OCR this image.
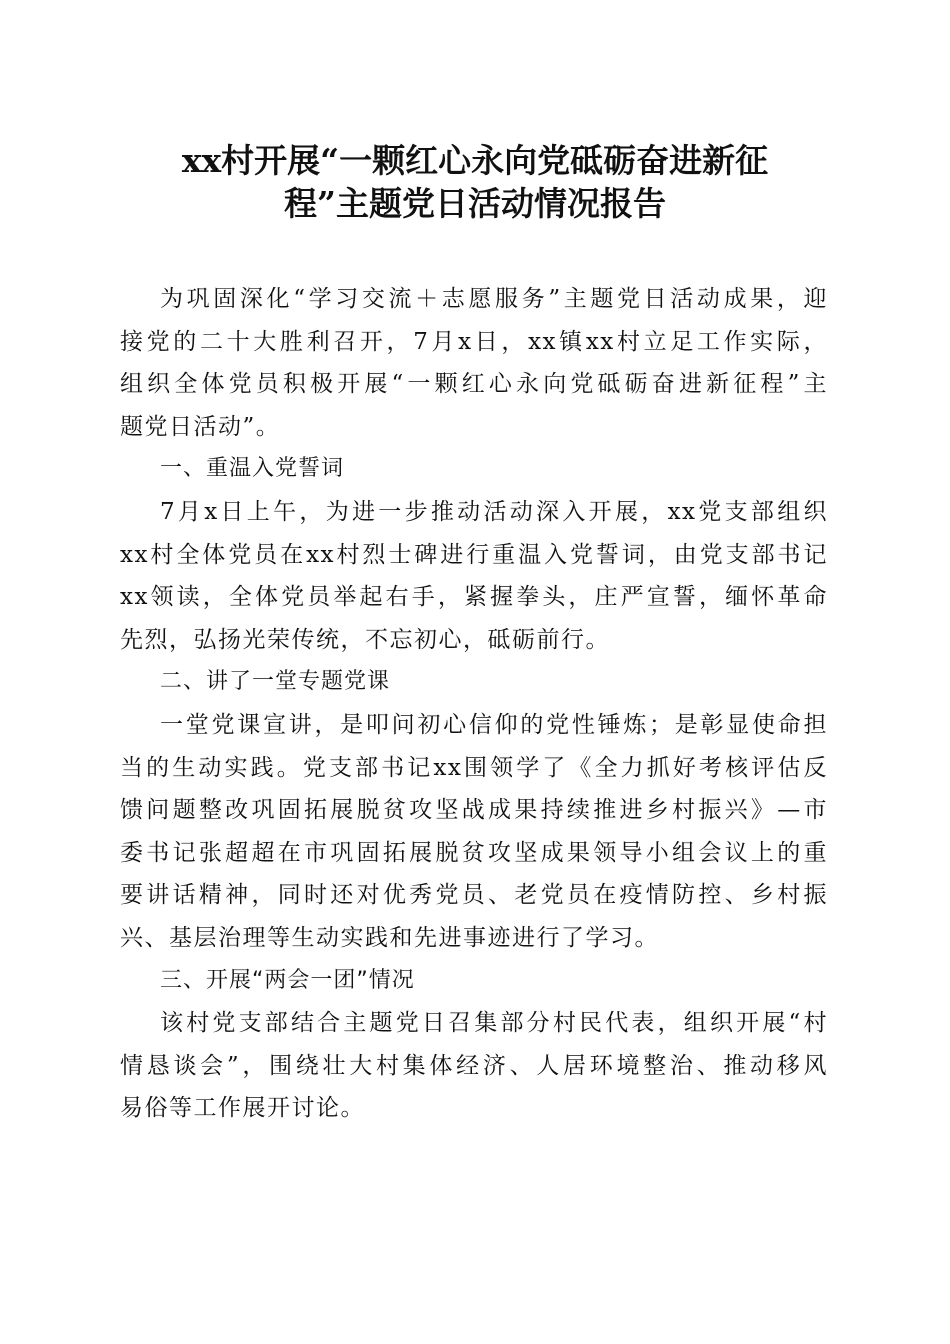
xx村开展“一颗红心永向党砥砺奋进新征
程”主题党日活动情况报告
为巩固深化“学习交流＋志愿服务”主题党日活动成果，迎
接党的二十大胜利召开，7月x日，xx镇xx村立足工作实际，
组织全体党员积极开展“一颗红心永向党砥砺奋进新征程”主
题党日活动”。
一、重温入党誓词
7月x日上午，为进一步推动活动深入开展，xx党支部组织
xx村全体党员在xx村烈士碑进行重温入党誓词，由党支部书记
xx领读，全体党员举起右手，紧握拳头，庄严宣誓，缅怀革命
先烈，弘扬光荣传统，不忘初心，砥砺前行。
二、讲了一堂专题党课
一堂党课宣讲，是叩问初心信仰的党性锤炼；是彰显使命担
当的生动实践。党支部书记xx围领学了《全力抓好考核评估反
馈问题整改巩固拓展脱贫攻坚战成果持续推进乡村振兴》—市
委书记张超超在市巩固拓展脱贫攻坚成果领导小组会议上的重
要讲话精神，同时还对优秀党员、老党员在疫情防控、乡村振
兴、基层治理等生动实践和先进事迹进行了学习。
三、开展“两会一团”情况
该村党支部结合主题党日召集部分村民代表，组织开展“村
情恳谈会”，围绕壮大村集体经济、人居环境整治、推动移风
易俗等工作展开讨论。
